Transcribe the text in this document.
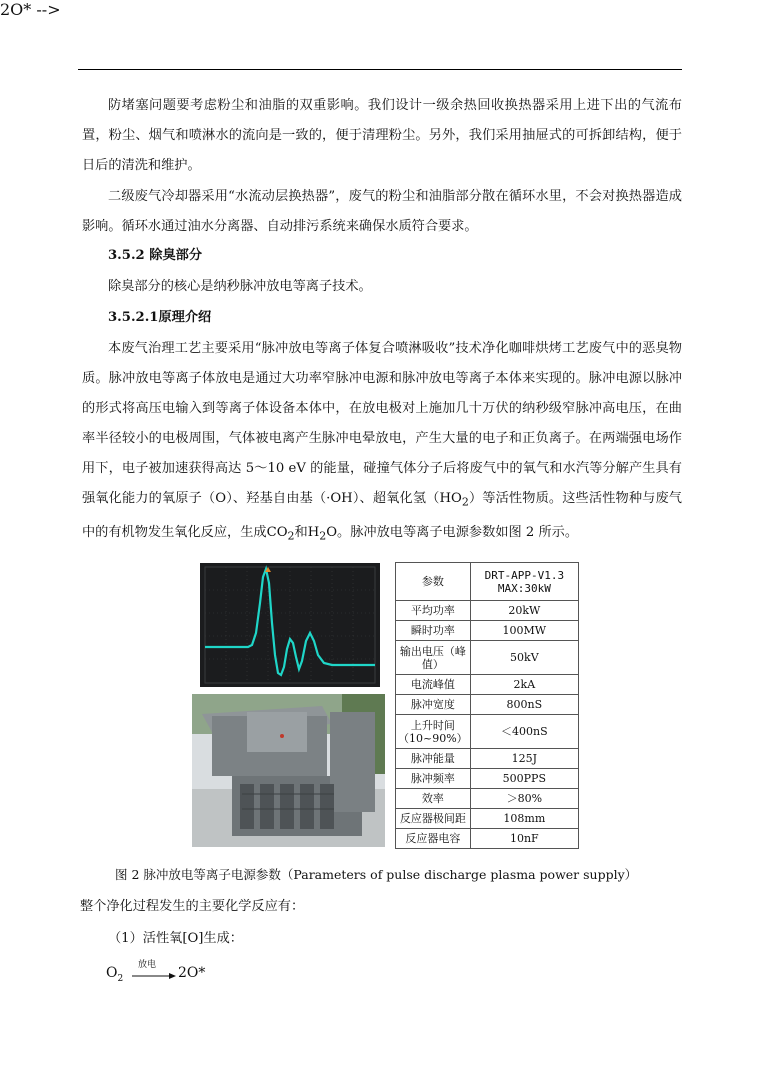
防堵塞问题要考虑粉尘和油脂的双重影响。我们设计一级余热回收换热器采用上进下出的气流布置，粉尘、烟气和喷淋水的流向是一致的，便于清理粉尘。另外，我们采用抽屉式的可拆卸结构，便于日后的清洗和维护。

二级废气冷却器采用“水流动层换热器”，废气的粉尘和油脂部分散在循环水里，不会对换热器造成影响。循环水通过油水分离器、自动排污系统来确保水质符合要求。

3.5.2 除臭部分

除臭部分的核心是纳秒脉冲放电等离子技术。

3.5.2.1原理介绍

本废气治理工艺主要采用“脉冲放电等离子体复合喷淋吸收”技术净化咖啡烘烤工艺废气中的恶臭物质。脉冲放电等离子体放电是通过大功率窄脉冲电源和脉冲放电等离子本体来实现的。脉冲电源以脉冲的形式将高压电输入到等离子体设备本体中，在放电极对上施加几十万伏的纳秒级窄脉冲高电压，在曲率半径较小的电极周围，气体被电离产生脉冲电晕放电，产生大量的电子和正负离子。在两端强电场作用下，电子被加速获得高达 5～10 eV 的能量，碰撞气体分子后将废气中的氧气和水汽等分解产生具有强氧化能力的氧原子（O）、羟基自由基（·OH）、超氧化氢$(HO_2)$等活性物质。这些活性物种与废气中的有机物发生氧化反应，生成$CO_2$和$H_2O$。脉冲放电等离子电源参数如图 2 所示。

参数	DRT-APP-V1.3
MAX:30kW

平均功率	20kW
瞬时功率	100MW
输出电压（峰值）	50kV
电流峰值	2kA
脉冲宽度	800nS
上升时间（10~90%）	＜400nS
脉冲能量	125J
脉冲频率	500PPS
效率	＞80%
反应器极间距	108mm
反应器电容	10nF
图 2 脉冲放电等离子电源参数（Parameters of pulse discharge plasma power supply）

整个净化过程发生的主要化学反应有：

（1）活性氧[O]生成：

2O* -->
$O_2$
放电 2O*
